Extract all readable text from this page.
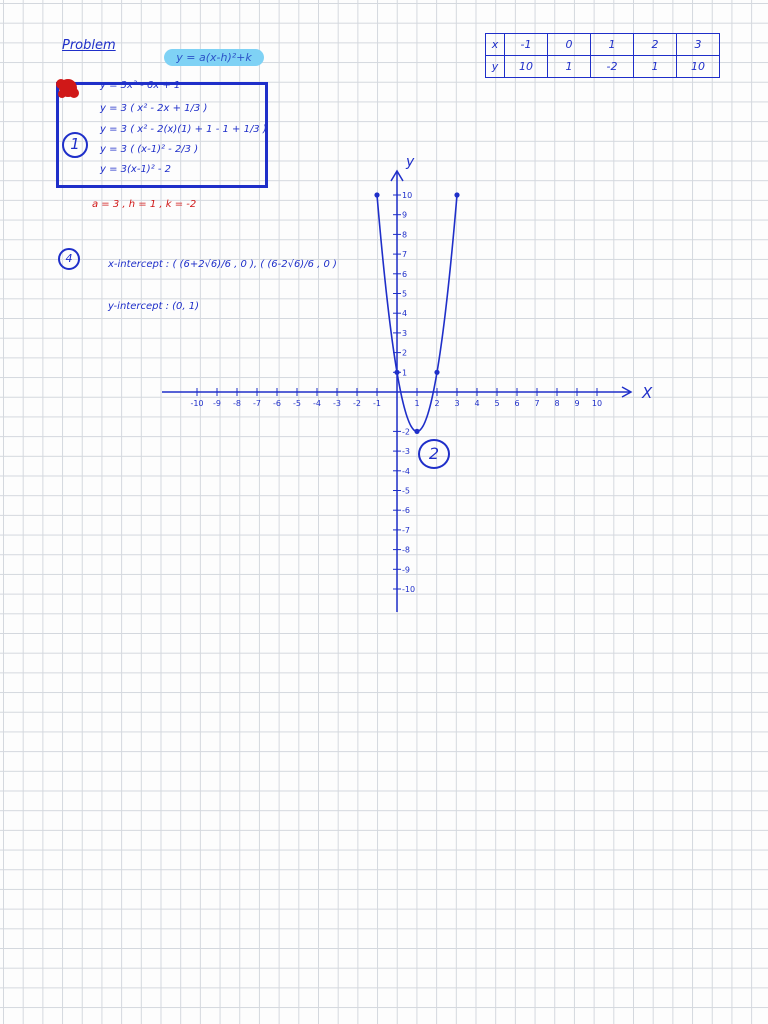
Problem
y = a(x-h)²+k
1
y = 3x² - 6x + 1
y = 3 ( x² - 2x + 1/3 )
y = 3 ( x² - 2(x)(1) + 1 - 1 + 1/3 )
y = 3 ( (x-1)² - 2/3 )
y = 3(x-1)² - 2
a = 3 , h = 1 , k = -2
4	x-intercept : ( (6+2√6)/6 , 0 ), ( (6-2√6)/6 , 0 )
y-intercept : (0, 1)
x	-1	0	1	2	3
y	10	1	-2	1	10
-10 -9 -8 -7 -6 -5 -4 -3 -2 -1	1 2 3 4 5 6 7 8 9 10
10
9
8
7
6
5
4
3
2
1
-2
-3
-4
-5
-6
-7
-8
-9
-10
X
y
2
